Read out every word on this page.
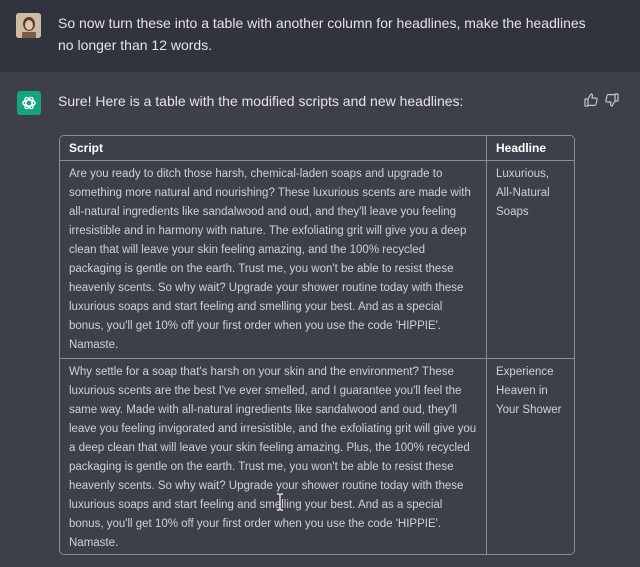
So now turn these into a table with another column for headlines, make the headlines no longer than 12 words.
Sure! Here is a table with the modified scripts and new headlines:
Script	Headline
Are you ready to ditch those harsh, chemical-laden soaps and upgrade to something more natural and nourishing? These luxurious scents are made with all-natural ingredients like sandalwood and oud, and they'll leave you feeling irresistible and in harmony with nature. The exfoliating grit will give you a deep clean that will leave your skin feeling amazing, and the 100% recycled packaging is gentle on the earth. Trust me, you won't be able to resist these heavenly scents. So why wait? Upgrade your shower routine today with these luxurious soaps and start feeling and smelling your best. And as a special bonus, you'll get 10% off your first order when you use the code 'HIPPIE'. Namaste.	Luxurious, All-Natural Soaps
Why settle for a soap that's harsh on your skin and the environment? These luxurious scents are the best I've ever smelled, and I guarantee you'll feel the same way. Made with all-natural ingredients like sandalwood and oud, they'll leave you feeling invigorated and irresistible, and the exfoliating grit will give you a deep clean that will leave your skin feeling amazing. Plus, the 100% recycled packaging is gentle on the earth. Trust me, you won't be able to resist these heavenly scents. So why wait? Upgrade your shower routine today with these luxurious soaps and start feeling and smelling your best. And as a special bonus, you'll get 10% off your first order when you use the code 'HIPPIE'. Namaste.	Experience Heaven in Your Shower
